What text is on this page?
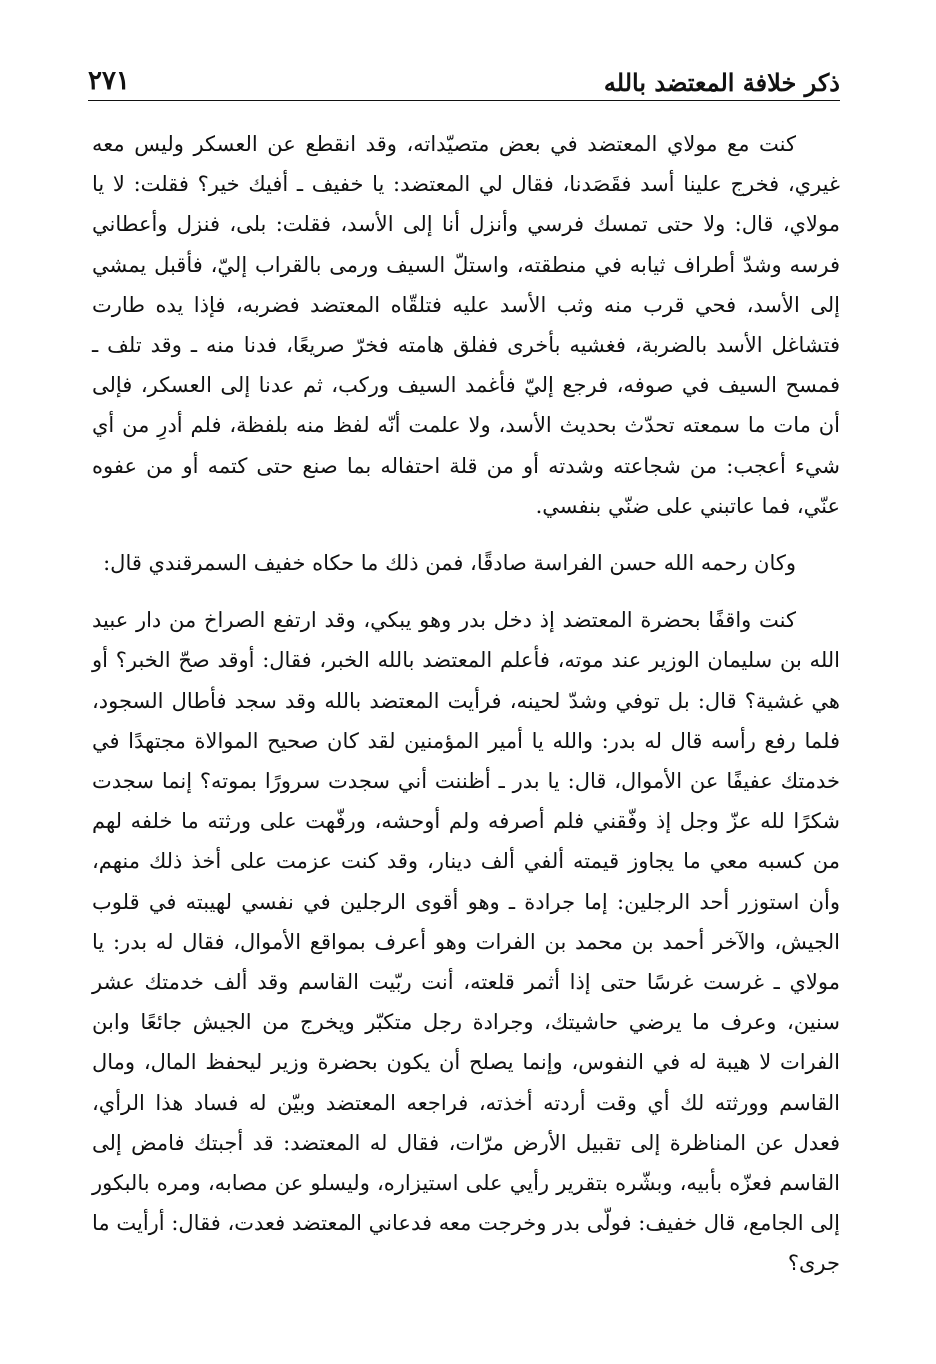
ذكر خلافة المعتضد بالله
٢٧١

كنت مع مولاي المعتضد في بعض متصيّداته، وقد انقطع عن العسكر وليس معه غيري، فخرج علينا أسد فقَصَدنا، فقال لي المعتضد: يا خفيف ـ أفيك خير؟ فقلت: لا يا مولاي، قال: ولا حتى تمسك فرسي وأنزل أنا إلى الأسد، فقلت: بلى، فنزل وأعطاني فرسه وشدّ أطراف ثيابه في منطقته، واستلّ السيف ورمى بالقراب إليّ، فأقبل يمشي إلى الأسد، فحي قرب منه وثب الأسد عليه فتلقّاه المعتضد فضربه، فإذا يده طارت فتشاغل الأسد بالضربة، فغشيه بأخرى ففلق هامته فخرّ صريعًا، فدنا منه ـ وقد تلف ـ فمسح السيف في صوفه، فرجع إليّ فأغمد السيف وركب، ثم عدنا إلى العسكر، فإلى أن مات ما سمعته تحدّث بحديث الأسد، ولا علمت أنّه لفظ منه بلفظة، فلم أدرِ من أي شيء أعجب: من شجاعته وشدته أو من قلة احتفاله بما صنع حتى كتمه أو من عفوه عنّي، فما عاتبني على ضنّي بنفسي.

وكان رحمه الله حسن الفراسة صادقًا، فمن ذلك ما حكاه خفيف السمرقندي قال:

كنت واقفًا بحضرة المعتضد إذ دخل بدر وهو يبكي، وقد ارتفع الصراخ من دار عبيد الله بن سليمان الوزير عند موته، فأعلم المعتضد بالله الخبر، فقال: أوقد صحّ الخبر؟ أو هي غشية؟ قال: بل توفي وشدّ لحينه، فرأيت المعتضد بالله وقد سجد فأطال السجود، فلما رفع رأسه قال له بدر: والله يا أمير المؤمنين لقد كان صحيح الموالاة مجتهدًا في خدمتك عفيفًا عن الأموال، قال: يا بدر ـ أظننت أني سجدت سرورًا بموته؟ إنما سجدت شكرًا لله عزّ وجل إذ وفّقني فلم أصرفه ولم أوحشه، ورفّهت على ورثته ما خلفه لهم من كسبه معي ما يجاوز قيمته ألفي ألف دينار، وقد كنت عزمت على أخذ ذلك منهم، وأن استوزر أحد الرجلين: إما جرادة ـ وهو أقوى الرجلين في نفسي لهيبته في قلوب الجيش، والآخر أحمد بن محمد بن الفرات وهو أعرف بمواقع الأموال، فقال له بدر: يا مولاي ـ غرست غرسًا حتى إذا أثمر قلعته، أنت ربّيت القاسم وقد ألف خدمتك عشر سنين، وعرف ما يرضي حاشيتك، وجرادة رجل متكبّر ويخرج من الجيش جائعًا وابن الفرات لا هيبة له في النفوس، وإنما يصلح أن يكون بحضرة وزير ليحفظ المال، ومال القاسم وورثته لك أي وقت أردته أخذته، فراجعه المعتضد وبيّن له فساد هذا الرأي، فعدل عن المناظرة إلى تقبيل الأرض مرّات، فقال له المعتضد: قد أجبتك فامض إلى القاسم فعزّه بأبيه، وبشّره بتقرير رأيي على استيزاره، وليسلو عن مصابه، ومره بالبكور إلى الجامع، قال خفيف: فولّى بدر وخرجت معه فدعاني المعتضد فعدت، فقال: أرأيت ما جرى؟
